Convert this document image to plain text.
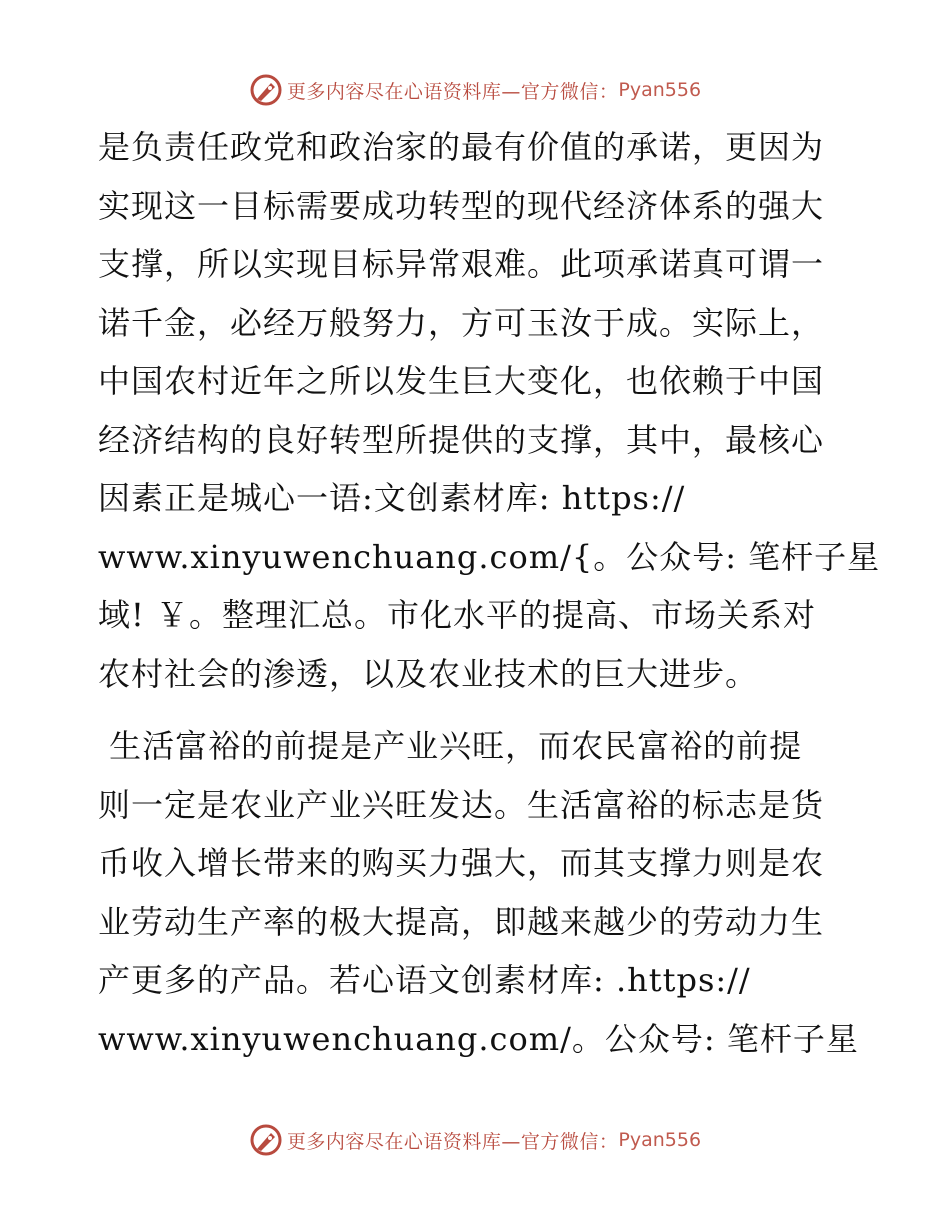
更多内容尽在心语资料库—官方微信： Pyan556
是负责任政党和政治家的最有价值的承诺，更因为
实现这一目标需要成功转型的现代经济体系的强大
支撑，所以实现目标异常艰难。此项承诺真可谓一
诺千金，必经万般努力，方可玉汝于成。实际上，
中国农村近年之所以发生巨大变化，也依赖于中国
经济结构的良好转型所提供的支撑，其中，最核心
因素正是城心一语:文创素材库: https://
www.xinyuwenchuang.com/{。公众号: 笔杆子星
域! ￥。整理汇总。市化水平的提高、市场关系对
农村社会的渗透，以及农业技术的巨大进步。
生活富裕的前提是产业兴旺，而农民富裕的前提
则一定是农业产业兴旺发达。生活富裕的标志是货
币收入增长带来的购买力强大，而其支撑力则是农
业劳动生产率的极大提高，即越来越少的劳动力生
产更多的产品。若心语文创素材库: .https://
www.xinyuwenchuang.com/。公众号: 笔杆子星
更多内容尽在心语资料库—官方微信： Pyan556
